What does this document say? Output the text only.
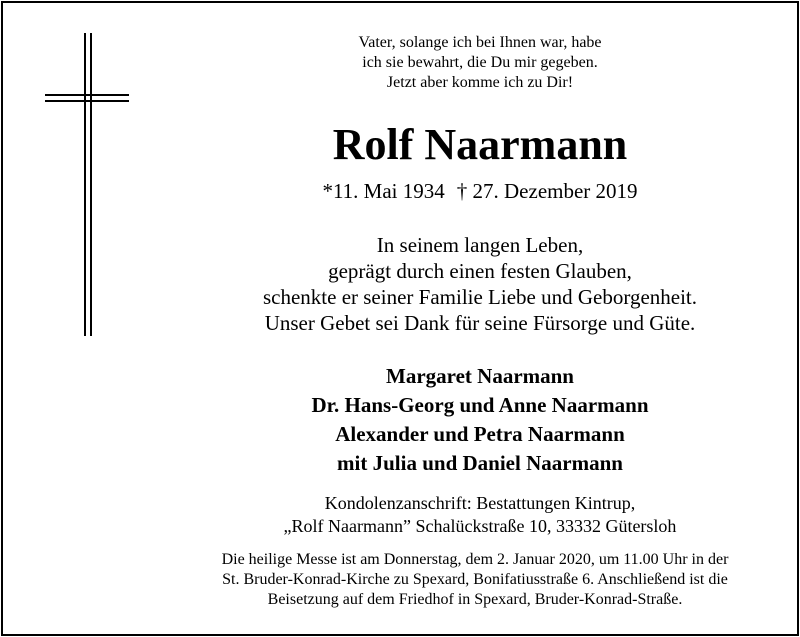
Vater, solange ich bei Ihnen war, habe
ich sie bewahrt, die Du mir gegeben.
Jetzt aber komme ich zu Dir!
Rolf Naarmann
*11. Mai 1934 † 27. Dezember 2019
In seinem langen Leben,
geprägt durch einen festen Glauben,
schenkte er seiner Familie Liebe und Geborgenheit.
Unser Gebet sei Dank für seine Fürsorge und Güte.
Margaret Naarmann
Dr. Hans-Georg und Anne Naarmann
Alexander und Petra Naarmann
mit Julia und Daniel Naarmann
Kondolenzanschrift: Bestattungen Kintrup,
„Rolf Naarmann” Schalückstraße 10, 33332 Gütersloh
Die heilige Messe ist am Donnerstag, dem 2. Januar 2020, um 11.00 Uhr in der
St. Bruder-Konrad-Kirche zu Spexard, Bonifatiusstraße 6. Anschließend ist die
Beisetzung auf dem Friedhof in Spexard, Bruder-Konrad-Straße.
